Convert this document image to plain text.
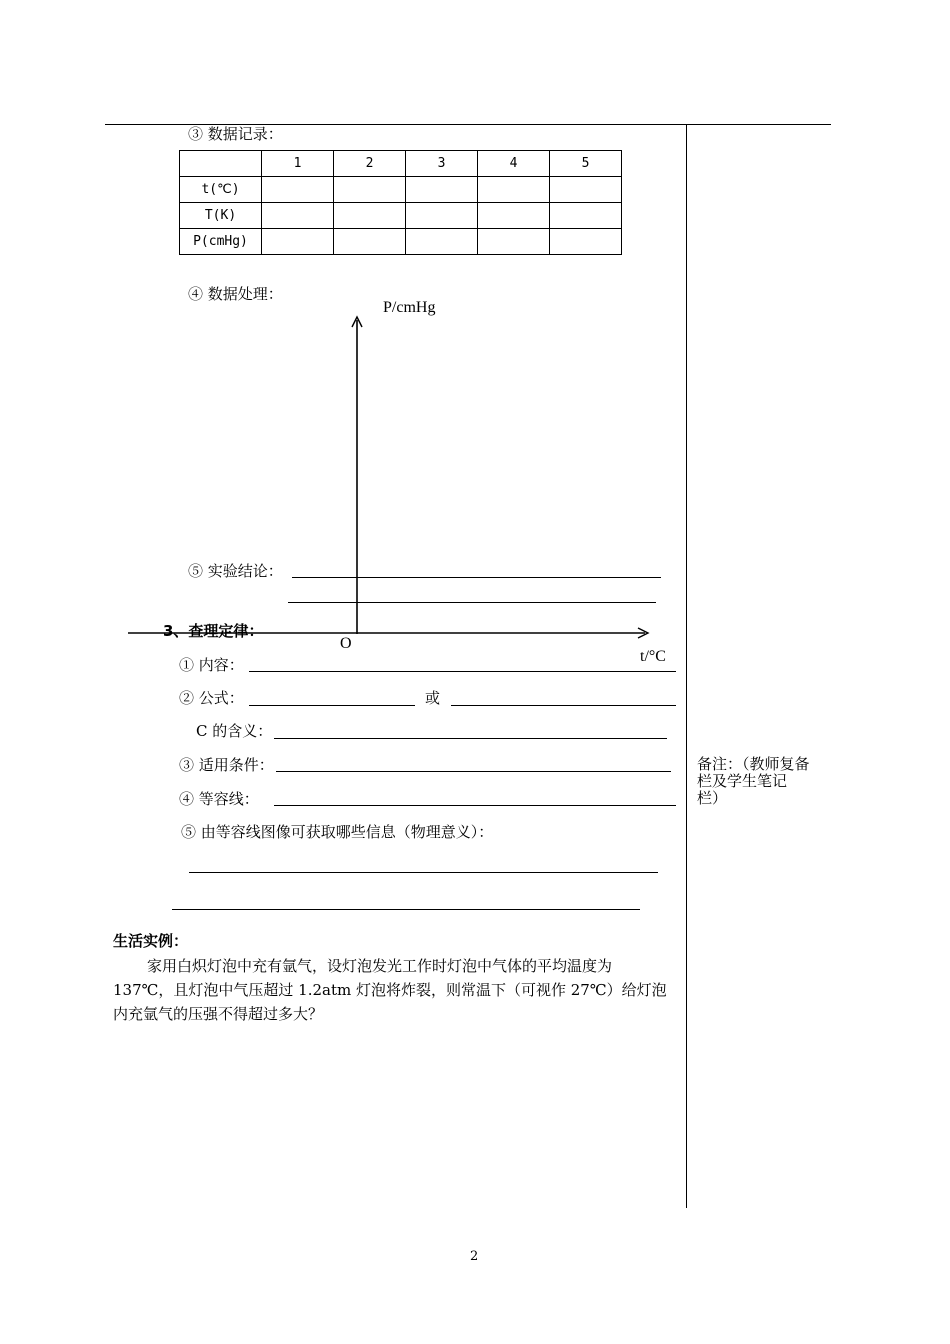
③ 数据记录：
	1	2	3	4	5
t(℃)					
T(K)					
P(cmHg)					
④ 数据处理：
P/cmHg
O
t/°C
⑤ 实验结论：
3、查理定律：
① 内容：
② 公式：	或
C 的含义：
③ 适用条件：
④ 等容线：
⑤ 由等容线图像可获取哪些信息（物理意义）：
生活实例：
家用白炽灯泡中充有氩气，设灯泡发光工作时灯泡中气体的平均温度为
137℃，且灯泡中气压超过 1.2atm 灯泡将炸裂，则常温下（可视作 27℃）给灯泡
内充氩气的压强不得超过多大？
备注：（教师复备
栏及学生笔记
栏）
2
